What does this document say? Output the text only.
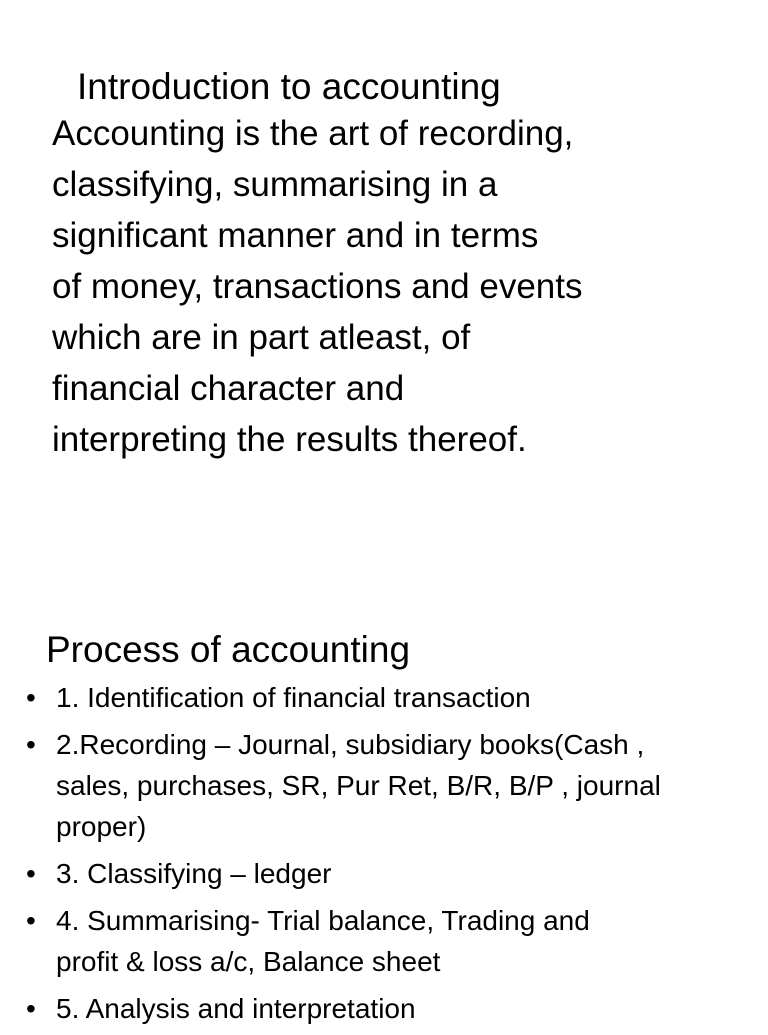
Introduction to accounting

Accounting is the art of recording,
classifying, summarising in a
significant manner and in terms
of money, transactions and events
which are in part atleast, of
financial character and
interpreting the results thereof.

Process of accounting
• 1. Identification of financial transaction
• 2.Recording – Journal, subsidiary books(Cash ,
sales, purchases, SR, Pur Ret, B/R, B/P , journal
proper)
• 3. Classifying – ledger
• 4. Summarising- Trial balance, Trading and
profit & loss a/c, Balance sheet
• 5. Analysis and interpretation
